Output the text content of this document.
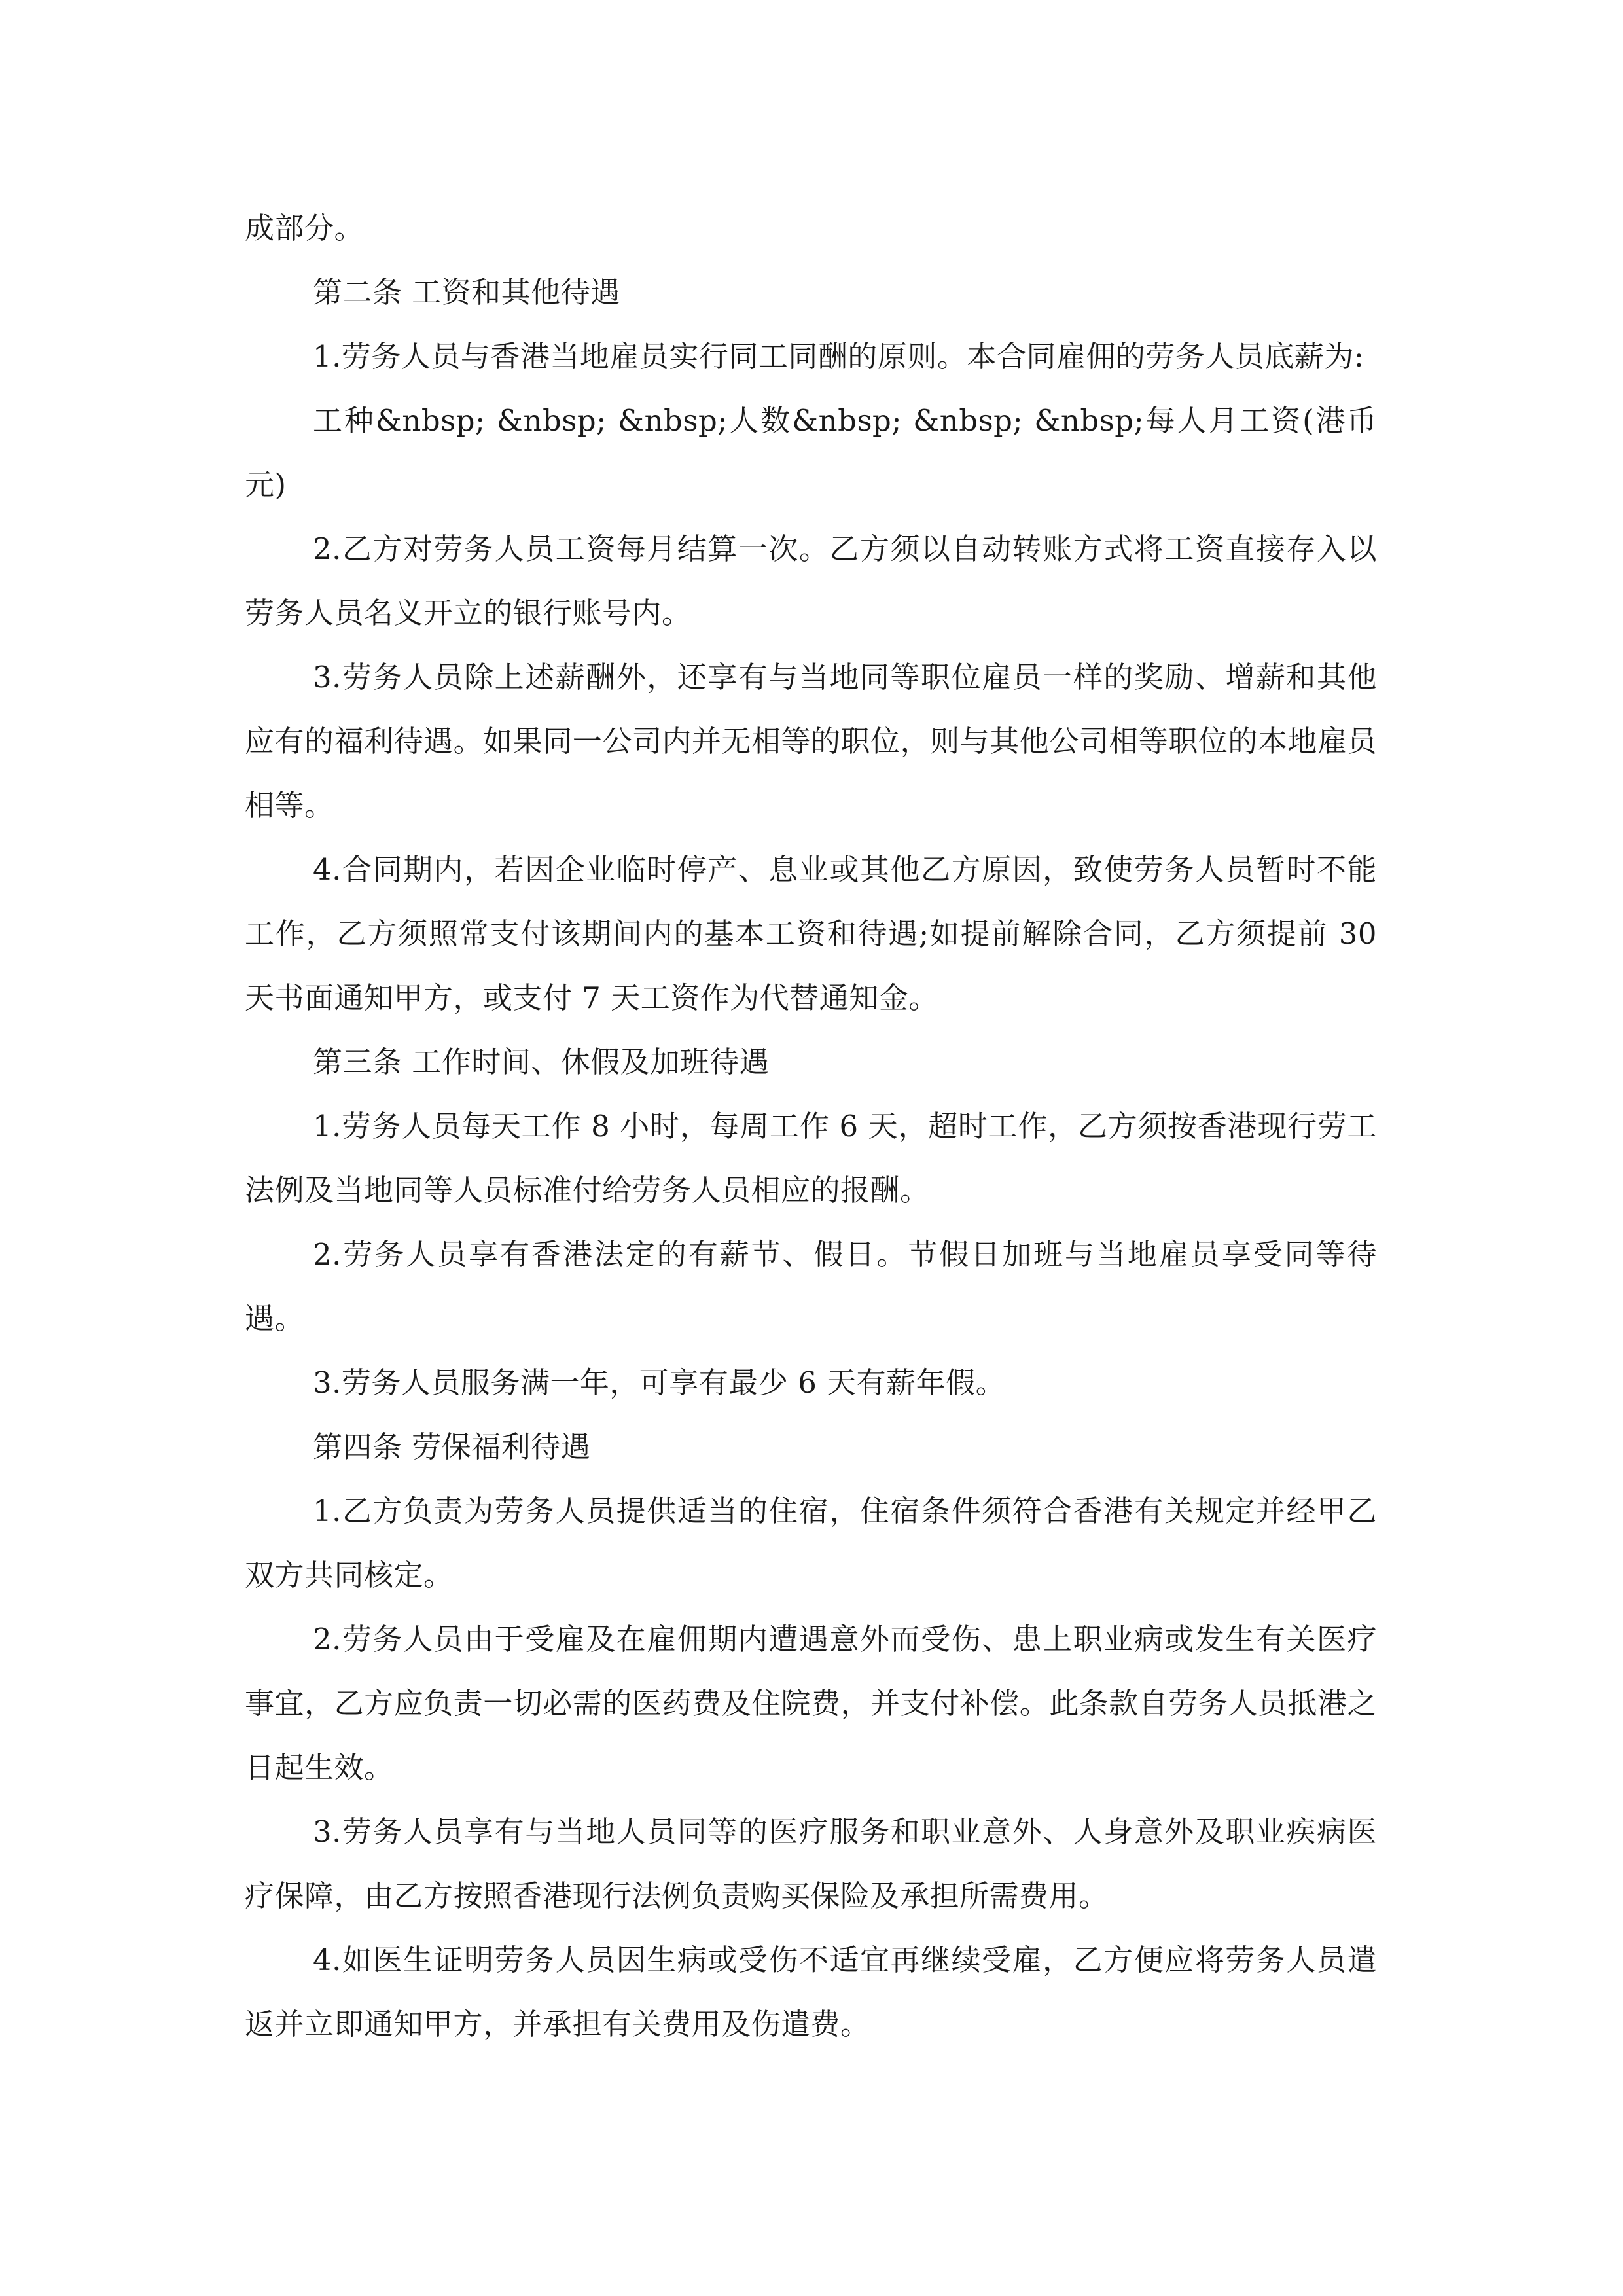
成部分。

第二条 工资和其他待遇

1.劳务人员与香港当地雇员实行同工同酬的原则。本合同雇佣的劳务人员底薪为:

工种&nbsp; &nbsp; &nbsp;人数&nbsp; &nbsp; &nbsp;每人月工资(港币元)

2.乙方对劳务人员工资每月结算一次。乙方须以自动转账方式将工资直接存入以劳务人员名义开立的银行账号内。

3.劳务人员除上述薪酬外，还享有与当地同等职位雇员一样的奖励、增薪和其他应有的福利待遇。如果同一公司内并无相等的职位，则与其他公司相等职位的本地雇员相等。

4.合同期内，若因企业临时停产、息业或其他乙方原因，致使劳务人员暂时不能工作，乙方须照常支付该期间内的基本工资和待遇;如提前解除合同，乙方须提前 30 天书面通知甲方，或支付 7 天工资作为代替通知金。

第三条 工作时间、休假及加班待遇

1.劳务人员每天工作 8 小时，每周工作 6 天，超时工作，乙方须按香港现行劳工法例及当地同等人员标准付给劳务人员相应的报酬。

2.劳务人员享有香港法定的有薪节、假日。节假日加班与当地雇员享受同等待遇。

3.劳务人员服务满一年，可享有最少 6 天有薪年假。

第四条 劳保福利待遇

1.乙方负责为劳务人员提供适当的住宿，住宿条件须符合香港有关规定并经甲乙双方共同核定。

2.劳务人员由于受雇及在雇佣期内遭遇意外而受伤、患上职业病或发生有关医疗事宜，乙方应负责一切必需的医药费及住院费，并支付补偿。此条款自劳务人员抵港之日起生效。

3.劳务人员享有与当地人员同等的医疗服务和职业意外、人身意外及职业疾病医疗保障，由乙方按照香港现行法例负责购买保险及承担所需费用。

4.如医生证明劳务人员因生病或受伤不适宜再继续受雇，乙方便应将劳务人员遣返并立即通知甲方，并承担有关费用及伤遣费。
